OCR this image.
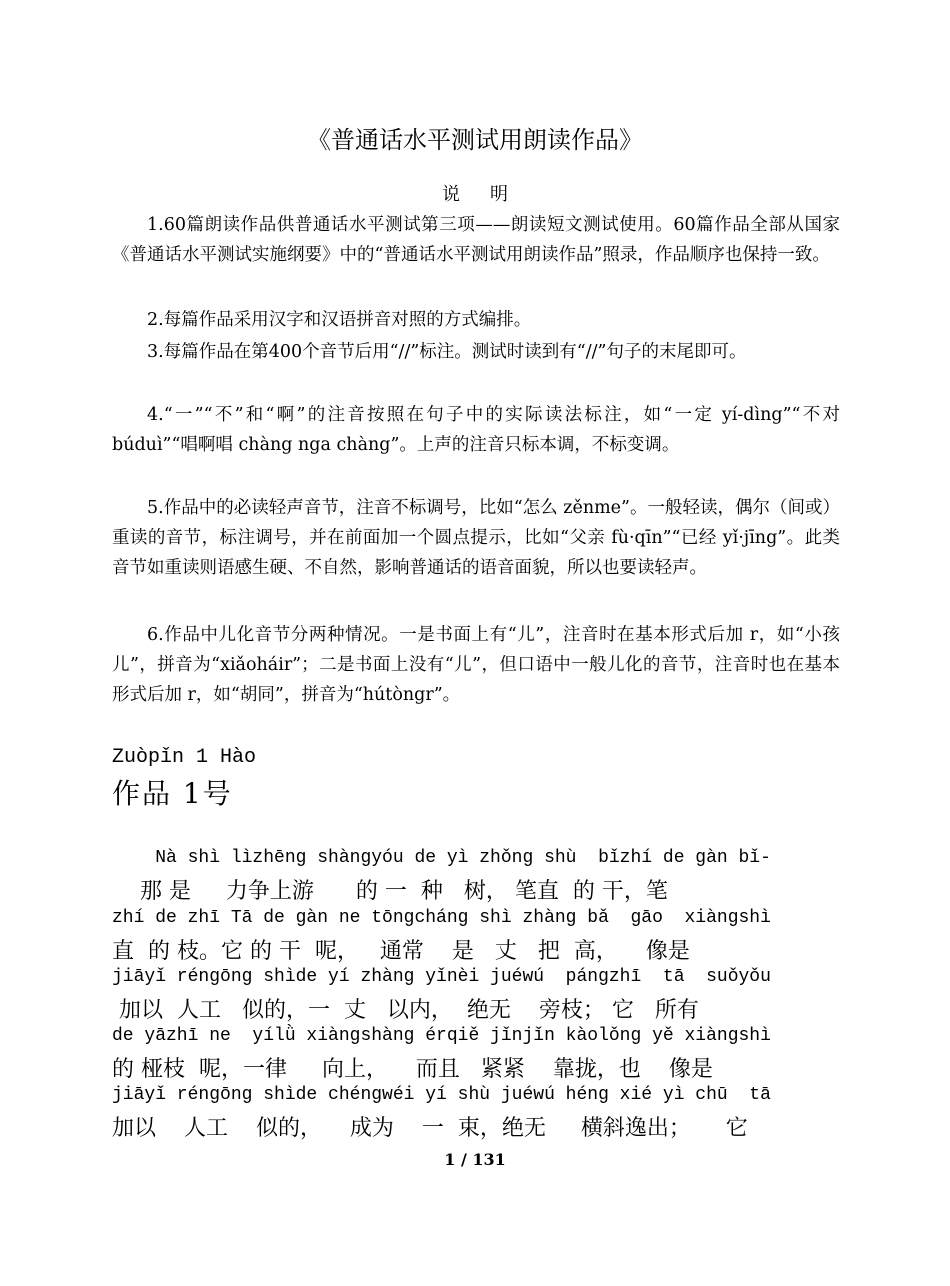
《普通话水平测试用朗读作品》
说明
1.60篇朗读作品供普通话水平测试第三项——朗读短文测试使用。60篇作品全部从国家《普通话水平测试实施纲要》中的“普通话水平测试用朗读作品”照录，作品顺序也保持一致。
2.每篇作品采用汉字和汉语拼音对照的方式编排。
3.每篇作品在第400个音节后用“//”标注。测试时读到有“//”句子的末尾即可。
4.“一”“不”和“啊”的注音按照在句子中的实际读法标注，如“一定 yí-dìng”“不对 búduì”“唱啊唱 chàng nga chàng”。上声的注音只标本调，不标变调。
5.作品中的必读轻声音节，注音不标调号，比如“怎么 zěnme”。一般轻读，偶尔（间或）重读的音节，标注调号，并在前面加一个圆点提示，比如“父亲 fù·qīn”“已经 yǐ·jīng”。此类音节如重读则语感生硬、不自然，影响普通话的语音面貌，所以也要读轻声。
6.作品中儿化音节分两种情况。一是书面上有“儿”，注音时在基本形式后加 r，如“小孩儿”，拼音为“xiǎoháir”；二是书面上没有“儿”，但口语中一般儿化的音节，注音时也在基本形式后加 r，如“胡同”，拼音为“hútòngr”。
Zuòpǐn 1 Hào
作品 1号
Nà shì lìzhēng shàngyóu de yì zhǒng shù  bǐzhí de gàn bǐ-
那 是     力争上游      的 一  种   树， 笔直  的 干，笔
zhí de zhī Tā de gàn ne tōngcháng shì zhàng bǎ  gāo  xiàngshì
直  的 枝。它 的 干  呢，   通常    是   丈   把  高，    像是
jiāyǐ réngōng shìde yí zhàng yǐnèi juéwú  pángzhī  tā  suǒyǒu
加以  人工   似的，一  丈   以内，  绝无    旁枝； 它   所有
de yāzhī ne  yílǜ xiàngshàng érqiě jǐnjǐn kàolǒng yě xiàngshì
的 桠枝  呢，一律     向上，    而且   紧紧    靠拢，也    像是
jiāyǐ réngōng shìde chéngwéi yí shù juéwú héng xié yì chū  tā
加以    人工    似的，    成为    一  束，绝无     横斜逸出；     它
1 / 131
